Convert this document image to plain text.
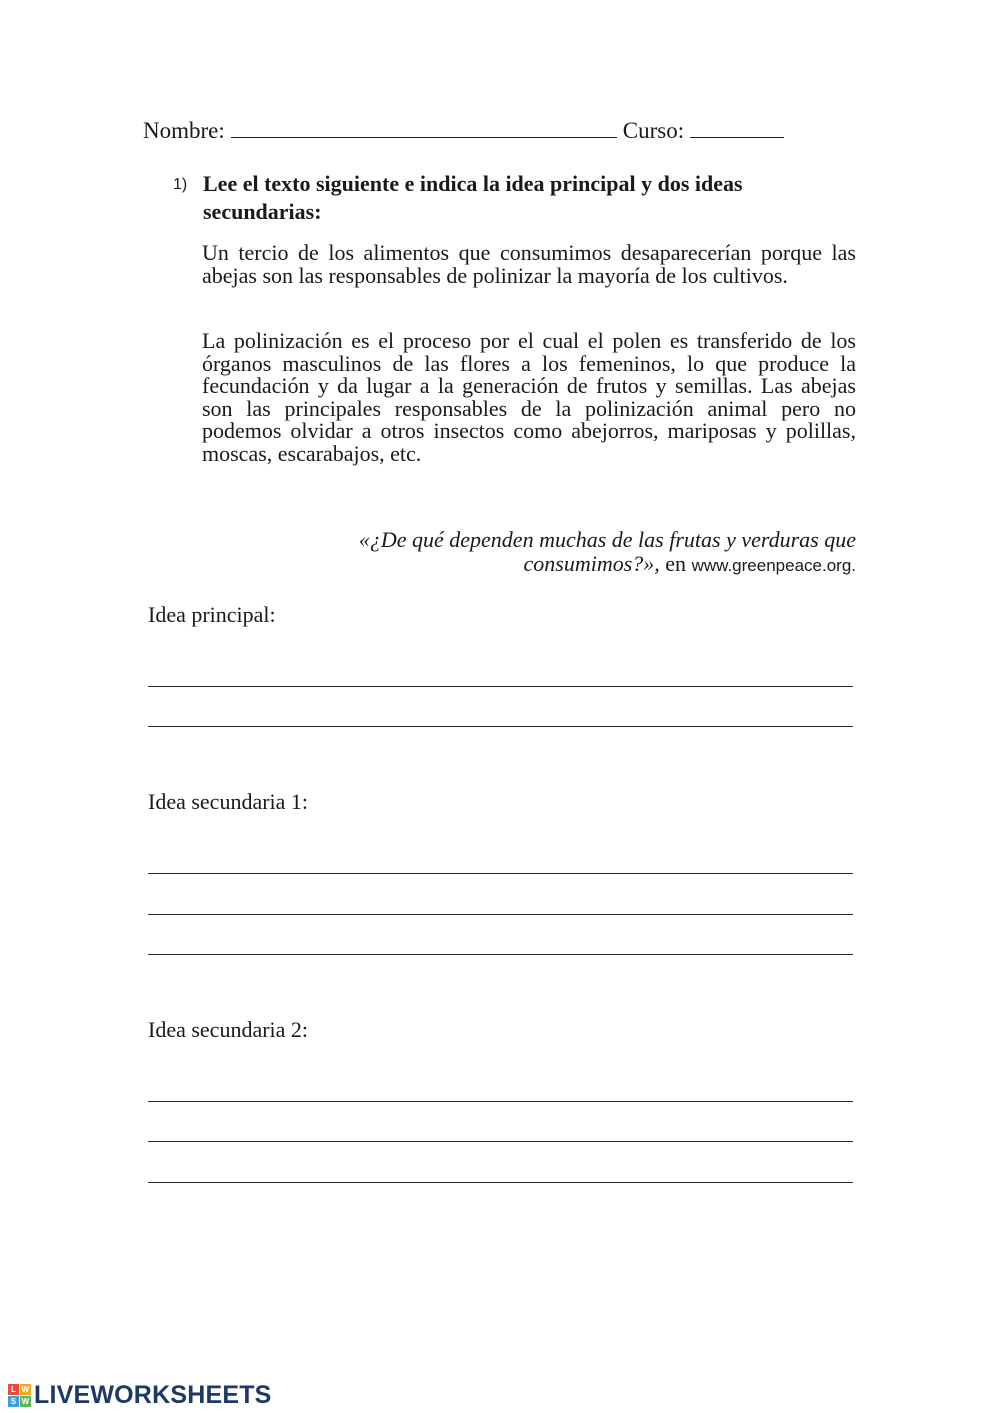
Nombre:	Curso:
1) Lee el texto siguiente e indica la idea principal y dos ideas secundarias:

Un tercio de los alimentos que consumimos desaparecerían porque las abejas son las responsables de polinizar la mayoría de los cultivos.

La polinización es el proceso por el cual el polen es transferido de los órganos masculinos de las flores a los femeninos, lo que produce la fecundación y da lugar a la generación de frutos y semillas. Las abejas son las principales responsables de la polinización animal pero no podemos olvidar a otros insectos como abejorros, mariposas y polillas, moscas, escarabajos, etc.

«¿De qué dependen muchas de las frutas y verduras que consumimos?», en www.greenpeace.org.
Idea principal:
Idea secundaria 1:
Idea secundaria 2:
L W
S W LIVEWORKSHEETS
